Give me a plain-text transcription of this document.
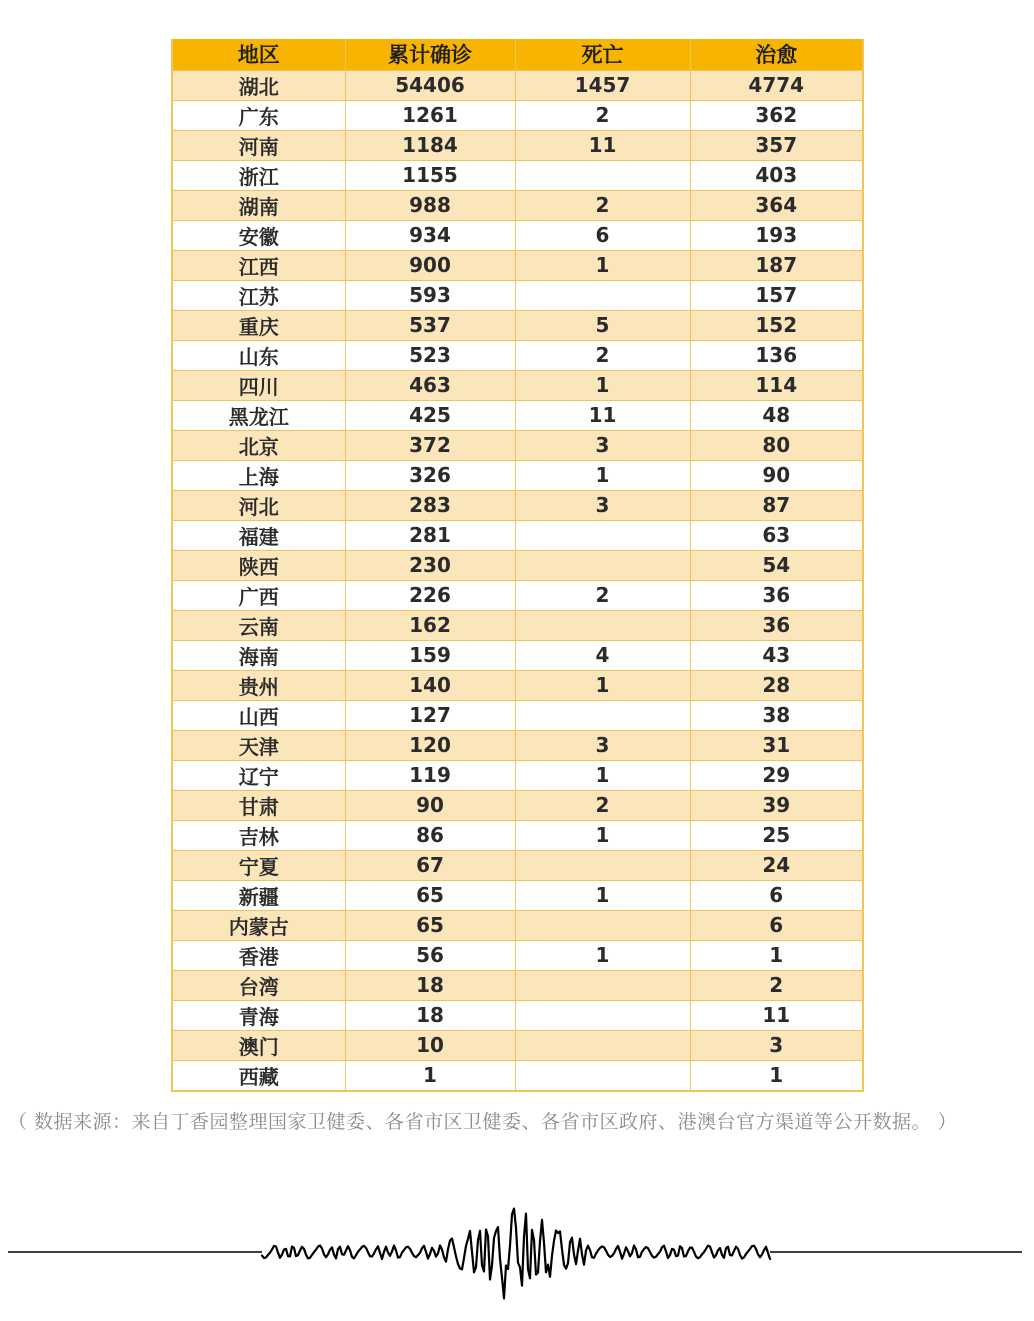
地区	累计确诊	死亡	治愈
湖北	54406	1457	4774
广东	1261	2	362
河南	1184	11	357
浙江	1155		403
湖南	988	2	364
安徽	934	6	193
江西	900	1	187
江苏	593		157
重庆	537	5	152
山东	523	2	136
四川	463	1	114
黑龙江	425	11	48
北京	372	3	80
上海	326	1	90
河北	283	3	87
福建	281		63
陕西	230		54
广西	226	2	36
云南	162		36
海南	159	4	43
贵州	140	1	28
山西	127		38
天津	120	3	31
辽宁	119	1	29
甘肃	90	2	39
吉林	86	1	25
宁夏	67		24
新疆	65	1	6
内蒙古	65		6
香港	56	1	1
台湾	18		2
青海	18		11
澳门	10		3
西藏	1		1
（ 数据来源：来自丁香园整理国家卫健委、各省市区卫健委、各省市区政府、港澳台官方渠道等公开数据。 ）
